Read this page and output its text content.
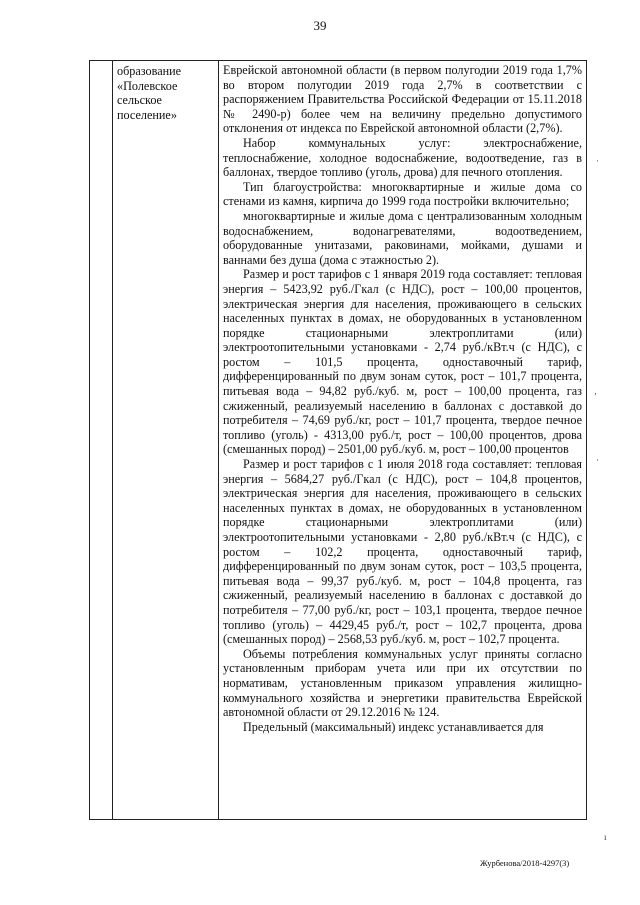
39

образование
«Полевское
сельское
поселение»

Еврейской автономной области (в первом полугодии 2019 года 1,7% во втором полугодии 2019 года 2,7% в соответствии с распоряжением Правительства Российской Федерации от 15.11.2018 № 2490-р) более чем на величину предельно допустимого отклонения от индекса по Еврейской автономной области (2,7%).

Набор коммунальных услуг: электроснабжение, теплоснабжение, холодное водоснабжение, водоотведение, газ в баллонах, твердое топливо (уголь, дрова) для печного отопления.

Тип благоустройства: многоквартирные и жилые дома со стенами из камня, кирпича до 1999 года постройки включительно;

многоквартирные и жилые дома с централизованным холодным водоснабжением, водонагревателями, водоотведением, оборудованные унитазами, раковинами, мойками, душами и ваннами без душа (дома с этажностью 2).

Размер и рост тарифов с 1 января 2019 года составляет: тепловая энергия – 5423,92 руб./Гкал (с НДС), рост – 100,00 процентов, электрическая энергия для населения, проживающего в сельских населенных пунктах в домах, не оборудованных в установленном порядке стационарными электроплитами (или) электроотопительными установками - 2,74 руб./кВт.ч (с НДС), с ростом – 101,5 процента, одноставочный тариф, дифференцированный по двум зонам суток, рост – 101,7 процента, питьевая вода – 94,82 руб./куб. м, рост – 100,00 процента, газ сжиженный, реализуемый населению в баллонах с доставкой до потребителя – 74,69 руб./кг, рост – 101,7 процента, твердое печное топливо (уголь) - 4313,00 руб./т, рост – 100,00 процентов, дрова (смешанных пород) – 2501,00 руб./куб. м, рост – 100,00 процентов

Размер и рост тарифов с 1 июля 2018 года составляет: тепловая энергия – 5684,27 руб./Гкал (с НДС), рост – 104,8 процентов, электрическая энергия для населения, проживающего в сельских населенных пунктах в домах, не оборудованных в установленном порядке стационарными электроплитами (или) электроотопительными установками - 2,80 руб./кВт.ч (с НДС), с ростом – 102,2 процента, одноставочный тариф, дифференцированный по двум зонам суток, рост – 103,5 процента, питьевая вода – 99,37 руб./куб. м, рост – 104,8 процента, газ сжиженный, реализуемый населению в баллонах с доставкой до потребителя – 77,00 руб./кг, рост – 103,1 процента, твердое печное топливо (уголь) – 4429,45 руб./т, рост – 102,7 процента, дрова (смешанных пород) – 2568,53 руб./куб. м, рост – 102,7 процента.

Объемы потребления коммунальных услуг приняты согласно установленным приборам учета или при их отсутствии по нормативам, установленным приказом управления жилищно-коммунального хозяйства и энергетики правительства Еврейской автономной области от 29.12.2016 № 124.

Предельный (максимальный) индекс устанавливается для

·
‚
·
ı
Журбенова/2018-4297(3)
